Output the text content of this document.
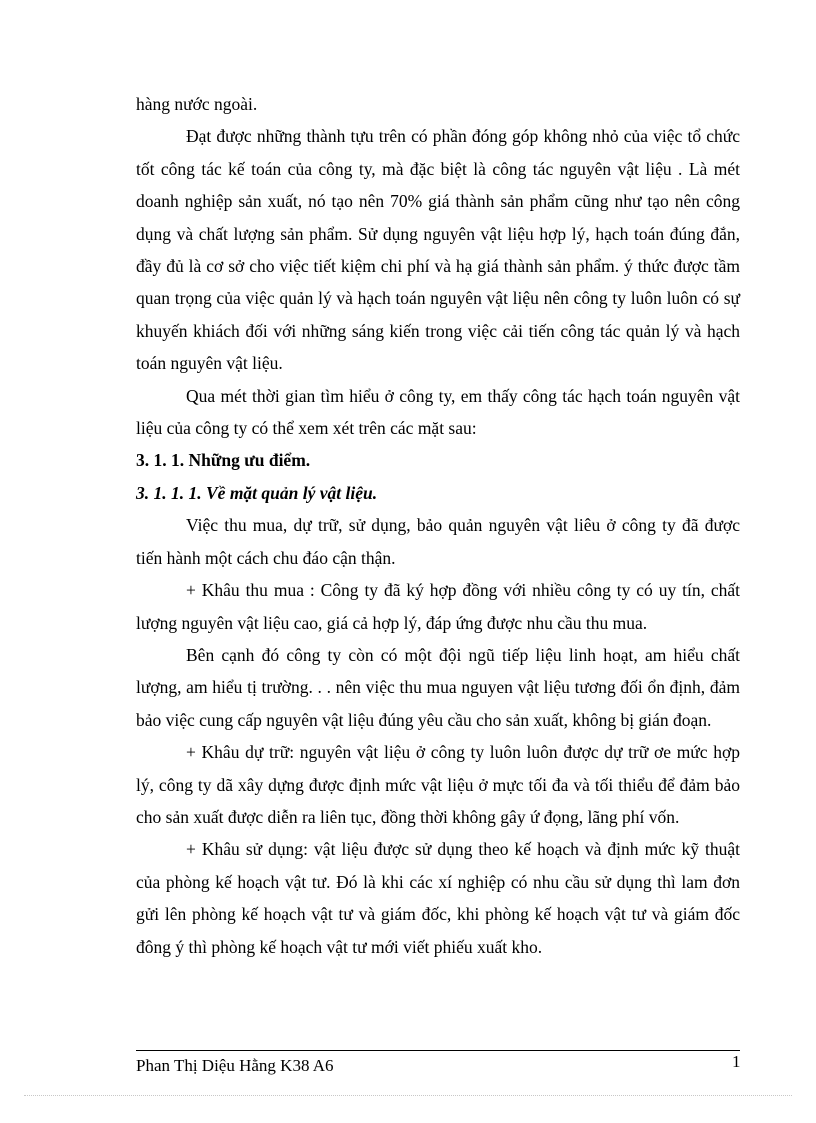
hàng nước ngoài.

Đạt được những thành tựu trên có phần đóng góp không nhỏ của việc tổ chức tốt công tác kế toán của công ty, mà đặc biệt là công tác nguyên vật liệu . Là mét doanh nghiệp sản xuất, nó tạo nên 70% giá thành sản phẩm cũng như tạo nên công dụng và chất lượng sản phẩm. Sử dụng nguyên vật liệu hợp lý, hạch toán đúng đắn, đầy đủ là cơ sở cho việc tiết kiệm chi phí và hạ giá thành sản phẩm. ý thức được tầm quan trọng của việc quản lý và hạch toán nguyên vật liệu nên công ty luôn luôn có sự khuyến khiách đối với những sáng kiến trong việc cải tiến công tác quản lý và hạch toán nguyên vật liệu.

Qua mét thời gian tìm hiểu ở công ty, em thấy công tác hạch toán nguyên vật liệu của công ty có thể xem xét trên các mặt sau:

3. 1. 1. Những ưu điểm.

3. 1. 1. 1. Về mặt quản lý vật liệu.

Việc thu mua, dự trữ, sử dụng, bảo quản nguyên vật liêu ở công ty đã được tiến hành một cách chu đáo cận thận.

+ Khâu thu mua : Công ty đã ký hợp đồng với nhiều công ty có uy tín, chất lượng nguyên vật liệu cao, giá cả hợp lý, đáp ứng được nhu cầu thu mua.

Bên cạnh đó công ty còn có một đội ngũ tiếp liệu linh hoạt, am hiểu chất lượng, am hiểu tị trường. . . nên việc thu mua nguyen vật liệu tương đối ổn định, đảm bảo việc cung cấp nguyên vật liệu đúng yêu cầu cho sản xuất, không bị gián đoạn.

+ Khâu dự trữ: nguyên vật liệu ở công ty luôn luôn được dự trữ ơe mức hợp lý, công ty dã xây dựng được định mức vật liệu ở mực tối đa và tối thiểu để đảm bảo cho sản xuất được diễn ra liên tục, đồng thời không gây ứ đọng, lãng phí vốn.

+ Khâu sử dụng: vật liệu được sử dụng theo kế hoạch và định mức kỹ thuật của phòng kế hoạch vật tư. Đó là khi các xí nghiệp có nhu cầu sử dụng thì lam đơn gửi lên phòng kế hoạch vật tư và giám đốc, khi phòng kế hoạch vật tư và giám đốc đông ý thì phòng kế hoạch vật tư mới viết phiếu xuất kho.

Phan Thị Diệu Hằng K38 A6	1
